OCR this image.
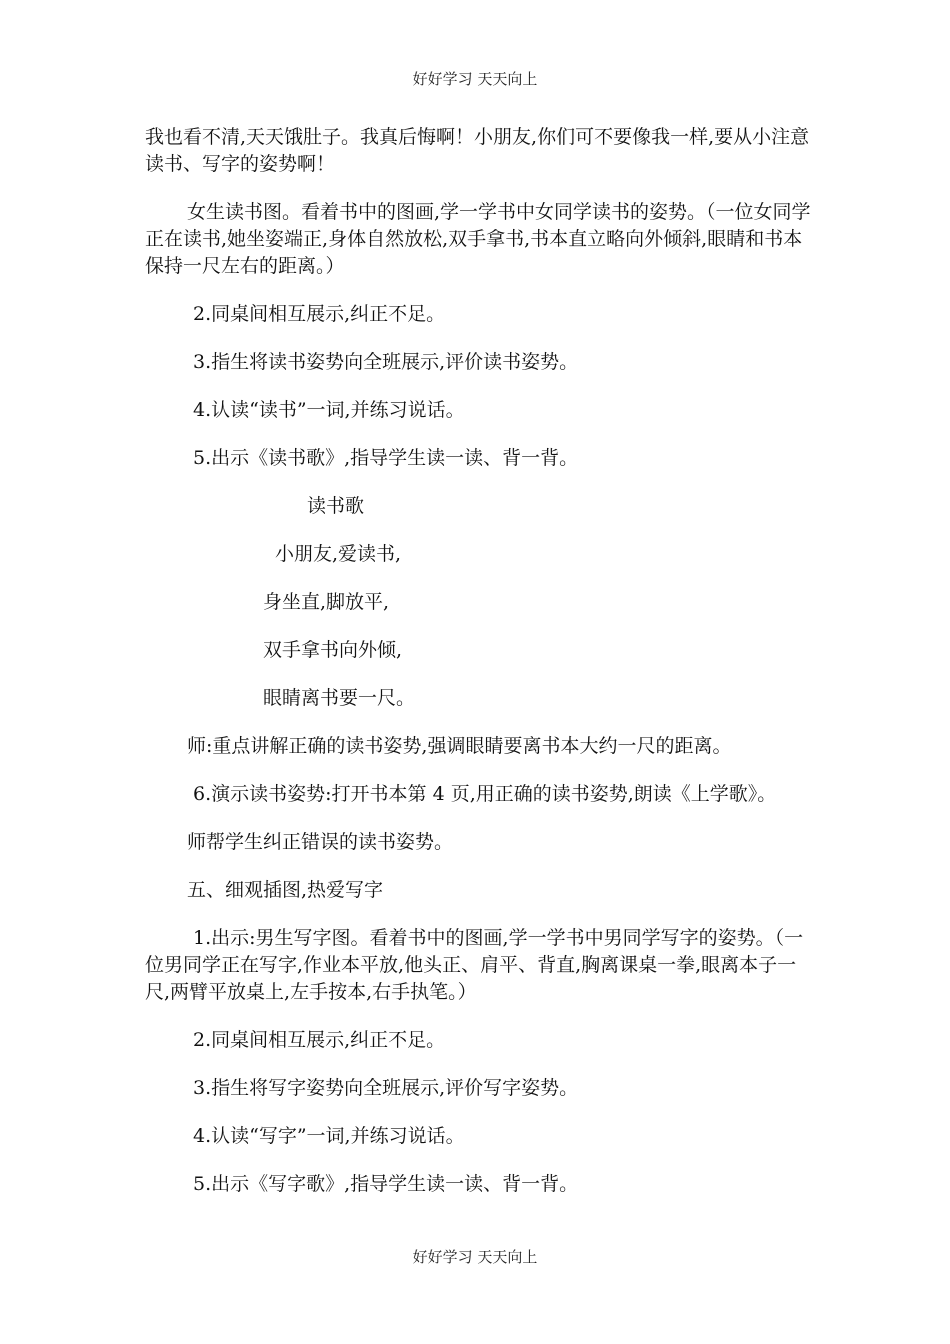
好好学习 天天向上

我也看不清,天天饿肚子。我真后悔啊！小朋友,你们可不要像我一样,要从小注意读书、写字的姿势啊！

女生读书图。看着书中的图画,学一学书中女同学读书的姿势。（一位女同学正在读书,她坐姿端正,身体自然放松,双手拿书,书本直立略向外倾斜,眼睛和书本保持一尺左右的距离。）

2.同桌间相互展示,纠正不足。

3.指生将读书姿势向全班展示,评价读书姿势。

4.认读“读书”一词,并练习说话。

5.出示《读书歌》,指导学生读一读、背一背。

读书歌

小朋友,爱读书,

身坐直,脚放平,

双手拿书向外倾,

眼睛离书要一尺。

师:重点讲解正确的读书姿势,强调眼睛要离书本大约一尺的距离。

6.演示读书姿势:打开书本第 4 页,用正确的读书姿势,朗读《上学歌》。

师帮学生纠正错误的读书姿势。

五、细观插图,热爱写字

1.出示:男生写字图。看着书中的图画,学一学书中男同学写字的姿势。（一位男同学正在写字,作业本平放,他头正、肩平、背直,胸离课桌一拳,眼离本子一尺,两臂平放桌上,左手按本,右手执笔。）

2.同桌间相互展示,纠正不足。

3.指生将写字姿势向全班展示,评价写字姿势。

4.认读“写字”一词,并练习说话。

5.出示《写字歌》,指导学生读一读、背一背。

好好学习 天天向上
